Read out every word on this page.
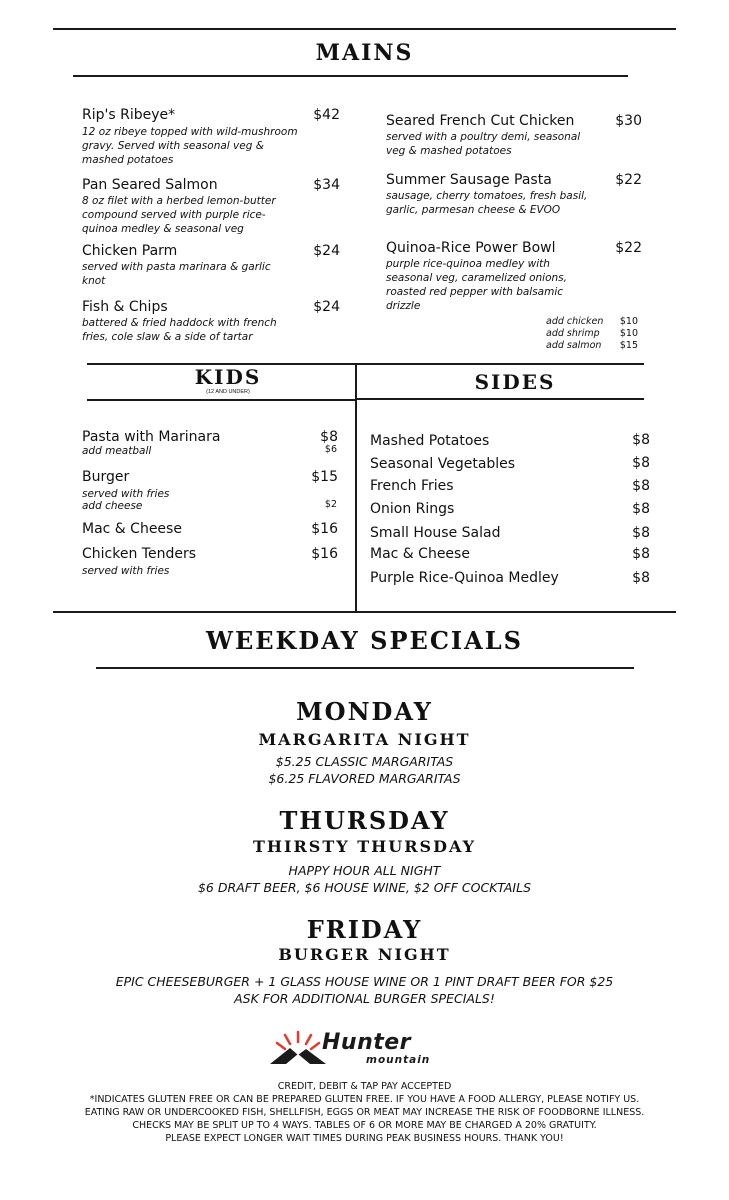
MAINS
Rip's Ribeye*	$42
12 oz ribeye topped with wild-mushroom
gravy. Served with seasonal veg &
mashed potatoes
Pan Seared Salmon	$34
8 oz filet with a herbed lemon-butter
compound served with purple rice-
quinoa medley & seasonal veg
Chicken Parm	$24
served with pasta marinara & garlic
knot
Fish & Chips	$24
battered & fried haddock with french
fries, cole slaw & a side of tartar
Seared French Cut Chicken	$30
served with a poultry demi, seasonal
veg & mashed potatoes
Summer Sausage Pasta	$22
sausage, cherry tomatoes, fresh basil,
garlic, parmesan cheese & EVOO
Quinoa-Rice Power Bowl	$22
purple rice-quinoa medley with
seasonal veg, caramelized onions,
roasted red pepper with balsamic
drizzle
add chicken	$10
add shrimp	$10
add salmon	$15
KIDS
(12 AND UNDER)
Pasta with Marinara	$8
add meatball	$6
Burger	$15
served with fries
add cheese	$2
Mac & Cheese	$16
Chicken Tenders	$16
served with fries
SIDES
Mashed Potatoes	$8
Seasonal Vegetables	$8
French Fries	$8
Onion Rings	$8
Small House Salad	$8
Mac & Cheese	$8
Purple Rice-Quinoa Medley	$8
WEEKDAY SPECIALS
MONDAY
MARGARITA NIGHT
$5.25 CLASSIC MARGARITAS
$6.25 FLAVORED MARGARITAS
THURSDAY
THIRSTY THURSDAY
HAPPY HOUR ALL NIGHT
$6 DRAFT BEER, $6 HOUSE WINE, $2 OFF COCKTAILS
FRIDAY
BURGER NIGHT
EPIC CHEESEBURGER + 1 GLASS HOUSE WINE OR 1 PINT DRAFT BEER FOR $25
ASK FOR ADDITIONAL BURGER SPECIALS!
Hunter
mountain
CREDIT, DEBIT & TAP PAY ACCEPTED
*INDICATES GLUTEN FREE OR CAN BE PREPARED GLUTEN FREE. IF YOU HAVE A FOOD ALLERGY, PLEASE NOTIFY US.
EATING RAW OR UNDERCOOKED FISH, SHELLFISH, EGGS OR MEAT MAY INCREASE THE RISK OF FOODBORNE ILLNESS.
CHECKS MAY BE SPLIT UP TO 4 WAYS. TABLES OF 6 OR MORE MAY BE CHARGED A 20% GRATUITY.
PLEASE EXPECT LONGER WAIT TIMES DURING PEAK BUSINESS HOURS. THANK YOU!
